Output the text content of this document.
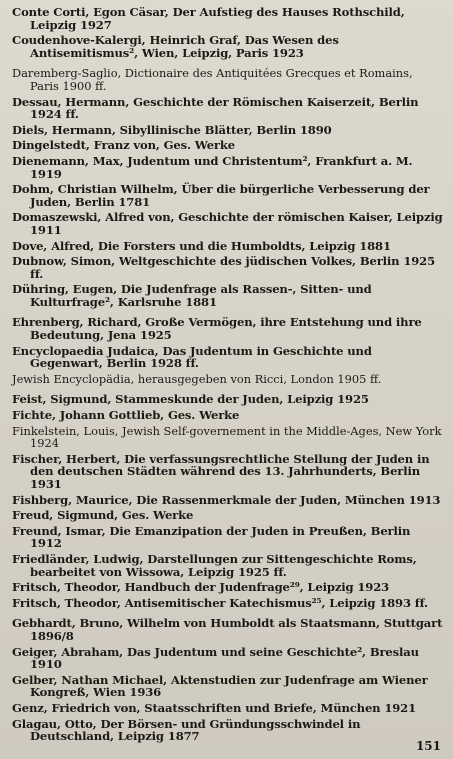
Conte Corti, Egon Cäsar, Der Aufstieg des Hauses Rothschild, Leipzig 1927
Coudenhove-Kalergi, Heinrich Graf, Das Wesen des Antisemitismus², Wien, Leipzig, Paris 1923
Daremberg-Saglio, Dictionaire des Antiquitées Grecques et Romains, Paris 1900 ff.
Dessau, Hermann, Geschichte der Römischen Kaiserzeit, Berlin 1924 ff.
Diels, Hermann, Sibyllinische Blätter, Berlin 1890
Dingelstedt, Franz von, Ges. Werke
Dienemann, Max, Judentum und Christentum², Frankfurt a. M. 1919
Dohm, Christian Wilhelm, Über die bürgerliche Verbesserung der Juden, Berlin 1781
Domaszewski, Alfred von, Geschichte der römischen Kaiser, Leipzig 1911
Dove, Alfred, Die Forsters und die Humboldts, Leipzig 1881
Dubnow, Simon, Weltgeschichte des jüdischen Volkes, Berlin 1925 ff.
Dühring, Eugen, Die Judenfrage als Rassen-, Sitten- und Kulturfrage², Karlsruhe 1881
Ehrenberg, Richard, Große Vermögen, ihre Entstehung und ihre Bedeutung, Jena 1925
Encyclopaedia Judaica, Das Judentum in Geschichte und Gegenwart, Berlin 1928 ff.
Jewish Encyclopädia, herausgegeben von Ricci, London 1905 ff.
Feist, Sigmund, Stammeskunde der Juden, Leipzig 1925
Fichte, Johann Gottlieb, Ges. Werke
Finkelstein, Louis, Jewish Self-governement in the Middle-Ages, New York 1924
Fischer, Herbert, Die verfassungsrechtliche Stellung der Juden in den deutschen Städten während des 13. Jahrhunderts, Berlin 1931
Fishberg, Maurice, Die Rassenmerkmale der Juden, München 1913
Freud, Sigmund, Ges. Werke
Freund, Ismar, Die Emanzipation der Juden in Preußen, Berlin 1912
Friedländer, Ludwig, Darstellungen zur Sittengeschichte Roms, bearbeitet von Wissowa, Leipzig 1925 ff.
Fritsch, Theodor, Handbuch der Judenfrage²⁹, Leipzig 1923
Fritsch, Theodor, Antisemitischer Katechismus²⁵, Leipzig 1893 ff.
Gebhardt, Bruno, Wilhelm von Humboldt als Staatsmann, Stuttgart 1896/8
Geiger, Abraham, Das Judentum und seine Geschichte², Breslau 1910
Gelber, Nathan Michael, Aktenstudien zur Judenfrage am Wiener Kongreß, Wien 1936
Genz, Friedrich von, Staatsschriften und Briefe, München 1921
Glagau, Otto, Der Börsen- und Gründungsschwindel in Deutschland, Leipzig 1877
151
